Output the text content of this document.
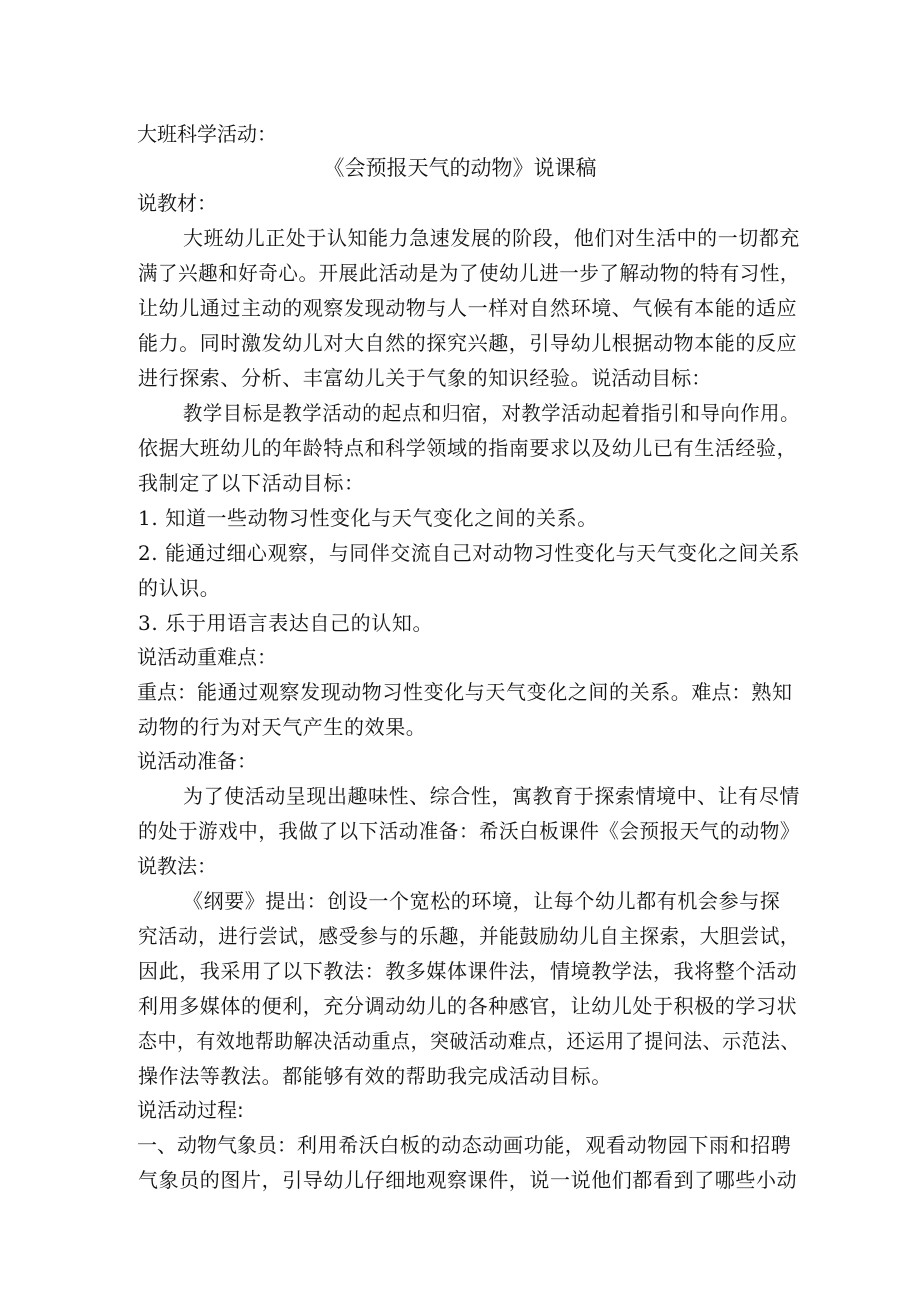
大班科学活动：
《会预报天气的动物》说课稿
说教材：
大班幼儿正处于认知能力急速发展的阶段，他们对生活中的一切都充
满了兴趣和好奇心。开展此活动是为了使幼儿进一步了解动物的特有习性，
让幼儿通过主动的观察发现动物与人一样对自然环境、气候有本能的适应
能力。同时激发幼儿对大自然的探究兴趣，引导幼儿根据动物本能的反应
进行探索、分析、丰富幼儿关于气象的知识经验。说活动目标：
教学目标是教学活动的起点和归宿，对教学活动起着指引和导向作用。
依据大班幼儿的年龄特点和科学领域的指南要求以及幼儿已有生活经验，
我制定了以下活动目标：
1. 知道一些动物习性变化与天气变化之间的关系。
2. 能通过细心观察，与同伴交流自己对动物习性变化与天气变化之间关系
的认识。
3. 乐于用语言表达自己的认知。
说活动重难点：
重点：能通过观察发现动物习性变化与天气变化之间的关系。难点：熟知
动物的行为对天气产生的效果。
说活动准备：
为了使活动呈现出趣味性、综合性，寓教育于探索情境中、让有尽情
的处于游戏中，我做了以下活动准备：希沃白板课件《会预报天气的动物》
说教法：
《纲要》提出：创设一个宽松的环境，让每个幼儿都有机会参与探
究活动，进行尝试，感受参与的乐趣，并能鼓励幼儿自主探索，大胆尝试，
因此，我采用了以下教法：教多媒体课件法，情境教学法，我将整个活动
利用多媒体的便利，充分调动幼儿的各种感官，让幼儿处于积极的学习状
态中，有效地帮助解决活动重点，突破活动难点，还运用了提问法、示范法、
操作法等教法。都能够有效的帮助我完成活动目标。
说活动过程:
一、动物气象员：利用希沃白板的动态动画功能，观看动物园下雨和招聘
气象员的图片，引导幼儿仔细地观察课件，说一说他们都看到了哪些小动
